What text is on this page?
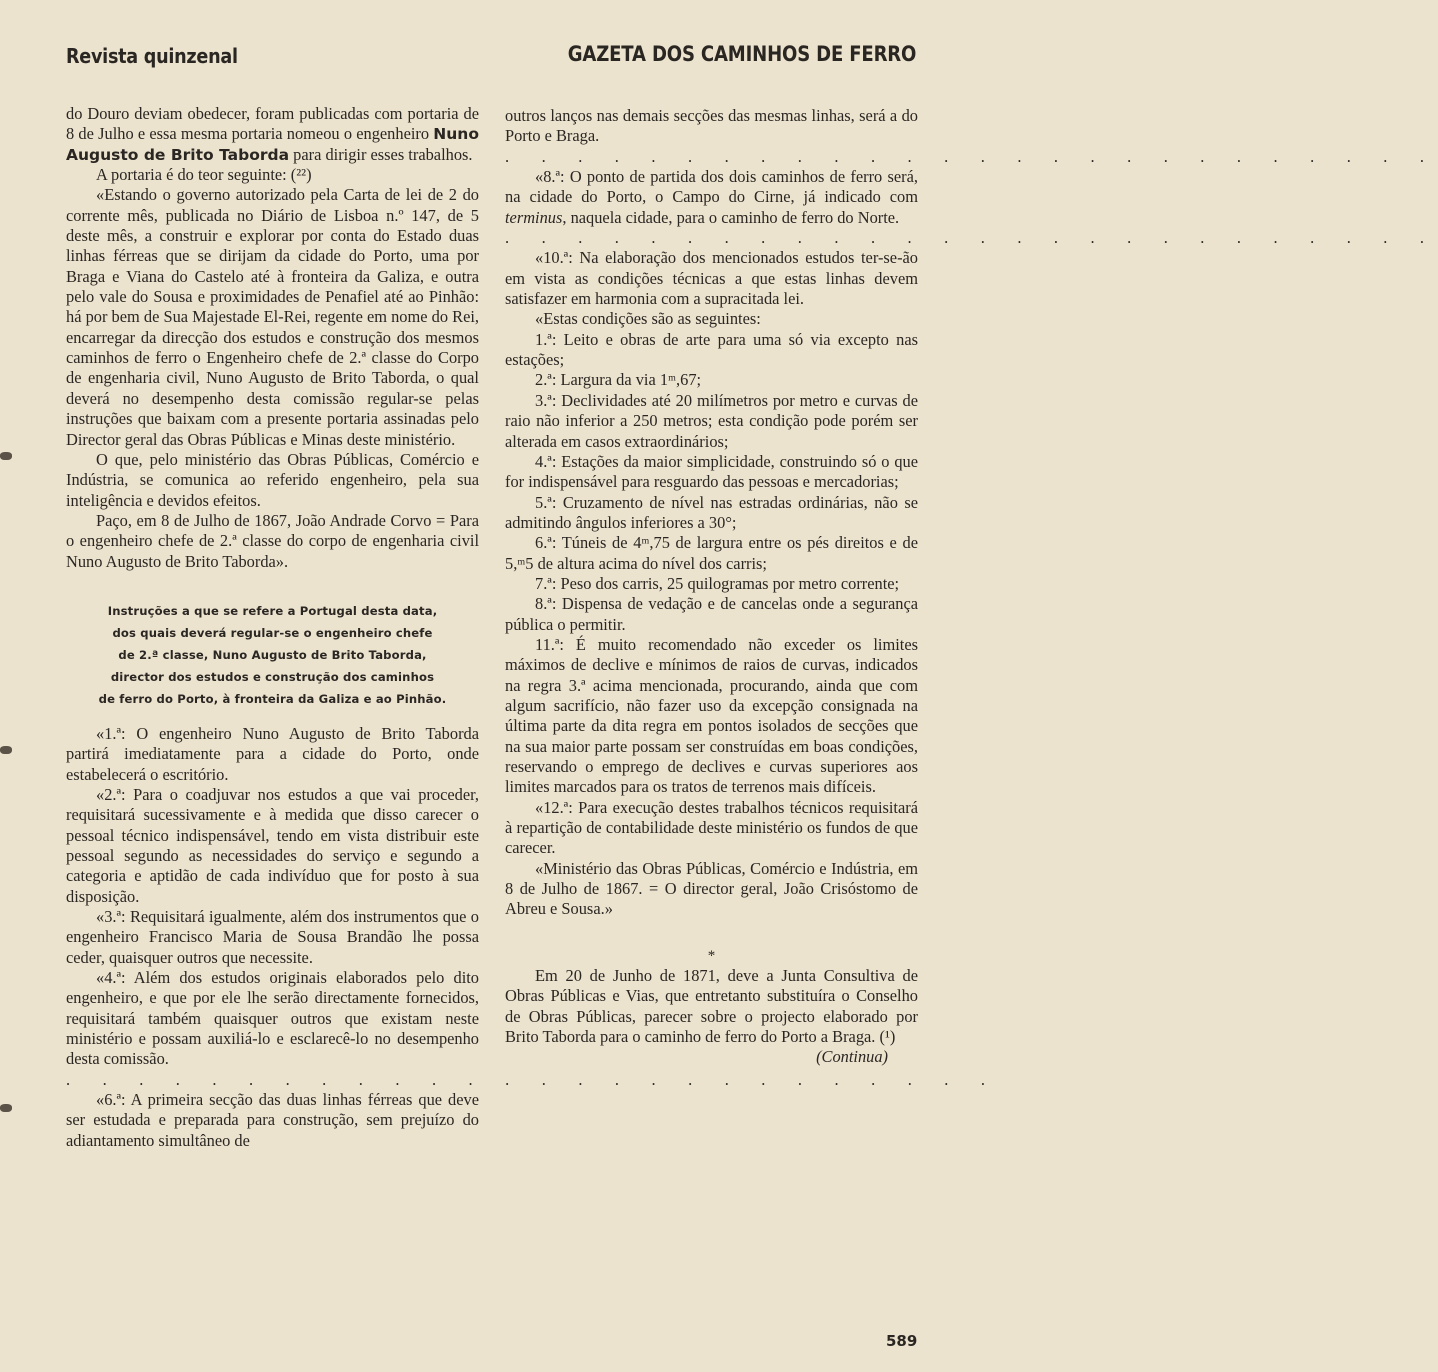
Revista quinzenal	GAZETA DOS CAMINHOS DE FERRO

do Douro deviam obedecer, foram publicadas com portaria de 8 de Julho e essa mesma portaria nomeou o engenheiro Nuno Augusto de Brito Taborda para dirigir esses trabalhos.

A portaria é do teor seguinte: (²²)

«Estando o governo autorizado pela Carta de lei de 2 do corrente mês, publicada no Diário de Lisboa n.º 147, de 5 deste mês, a construir e explorar por conta do Estado duas linhas férreas que se dirijam da cidade do Porto, uma por Braga e Viana do Castelo até à fronteira da Galiza, e outra pelo vale do Sousa e proximidades de Penafiel até ao Pinhão: há por bem de Sua Majestade El-Rei, regente em nome do Rei, encarregar da direcção dos estudos e construção dos mesmos caminhos de ferro o Engenheiro chefe de 2.ª classe do Corpo de engenharia civil, Nuno Augusto de Brito Taborda, o qual deverá no desempenho desta comissão regular-se pelas instruções que baixam com a presente portaria assinadas pelo Director geral das Obras Públicas e Minas deste ministério.

O que, pelo ministério das Obras Públicas, Comércio e Indústria, se comunica ao referido engenheiro, pela sua inteligência e devidos efeitos.

Paço, em 8 de Julho de 1867, João Andrade Corvo = Para o engenheiro chefe de 2.ª classe do corpo de engenharia civil Nuno Augusto de Brito Taborda».

Instruções a que se refere a Portugal desta data,
dos quais deverá regular-se o engenheiro chefe
de 2.ª classe, Nuno Augusto de Brito Taborda,
director dos estudos e construção dos caminhos
de ferro do Porto, à fronteira da Galiza e ao Pinhão.

«1.ª: O engenheiro Nuno Augusto de Brito Taborda partirá imediatamente para a cidade do Porto, onde estabelecerá o escritório.

«2.ª: Para o coadjuvar nos estudos a que vai proceder, requisitará sucessivamente e à medida que disso carecer o pessoal técnico indispensável, tendo em vista distribuir este pessoal segundo as necessidades do serviço e segundo a categoria e aptidão de cada indivíduo que for posto à sua disposição.

«3.ª: Requisitará igualmente, além dos instrumentos que o engenheiro Francisco Maria de Sousa Brandão lhe possa ceder, quaisquer outros que necessite.

«4.ª: Além dos estudos originais elaborados pelo dito engenheiro, e que por ele lhe serão directamente fornecidos, requisitará também quaisquer outros que existam neste ministério e possam auxiliá-lo e esclarecê-lo no desempenho desta comissão.

. . . . . . . . . . . . . . . . . . . . . . . . . .

«6.ª: A primeira secção das duas linhas férreas que deve ser estudada e preparada para construção, sem prejuízo do adiantamento simultâneo de

outros lanços nas demais secções das mesmas linhas, será a do Porto e Braga.

. . . . . . . . . . . . . . . . . . . . . . . . . .

«8.ª: O ponto de partida dos dois caminhos de ferro será, na cidade do Porto, o Campo do Cirne, já indicado com terminus, naquela cidade, para o caminho de ferro do Norte.

. . . . . . . . . . . . . . . . . . . . . . . . . .

«10.ª: Na elaboração dos mencionados estudos ter-se-ão em vista as condições técnicas a que estas linhas devem satisfazer em harmonia com a supracitada lei.

«Estas condições são as seguintes:

1.ª: Leito e obras de arte para uma só via excepto nas estações;

2.ª: Largura da via 1ᵐ,67;

3.ª: Declividades até 20 milímetros por metro e curvas de raio não inferior a 250 metros; esta condição pode porém ser alterada em casos extraordinários;

4.ª: Estações da maior simplicidade, construindo só o que for indispensável para resguardo das pessoas e mercadorias;

5.ª: Cruzamento de nível nas estradas ordinárias, não se admitindo ângulos inferiores a 30°;

6.ª: Túneis de 4ᵐ,75 de largura entre os pés direitos e de 5,ᵐ5 de altura acima do nível dos carris;

7.ª: Peso dos carris, 25 quilogramas por metro corrente;

8.ª: Dispensa de vedação e de cancelas onde a segurança pública o permitir.

11.ª: É muito recomendado não exceder os limites máximos de declive e mínimos de raios de curvas, indicados na regra 3.ª acima mencionada, procurando, ainda que com algum sacrifício, não fazer uso da excepção consignada na última parte da dita regra em pontos isolados de secções que na sua maior parte possam ser construídas em boas condições, reservando o emprego de declives e curvas superiores aos limites marcados para os tratos de terrenos mais difíceis.

«12.ª: Para execução destes trabalhos técnicos requisitará à repartição de contabilidade deste ministério os fundos de que carecer.

«Ministério das Obras Públicas, Comércio e Indústria, em 8 de Julho de 1867. = O director geral, João Crisóstomo de Abreu e Sousa.»

*

Em 20 de Junho de 1871, deve a Junta Consultiva de Obras Públicas e Vias, que entretanto substituíra o Conselho de Obras Públicas, parecer sobre o projecto elaborado por Brito Taborda para o caminho de ferro do Porto a Braga. (¹)

(Continua)

589
